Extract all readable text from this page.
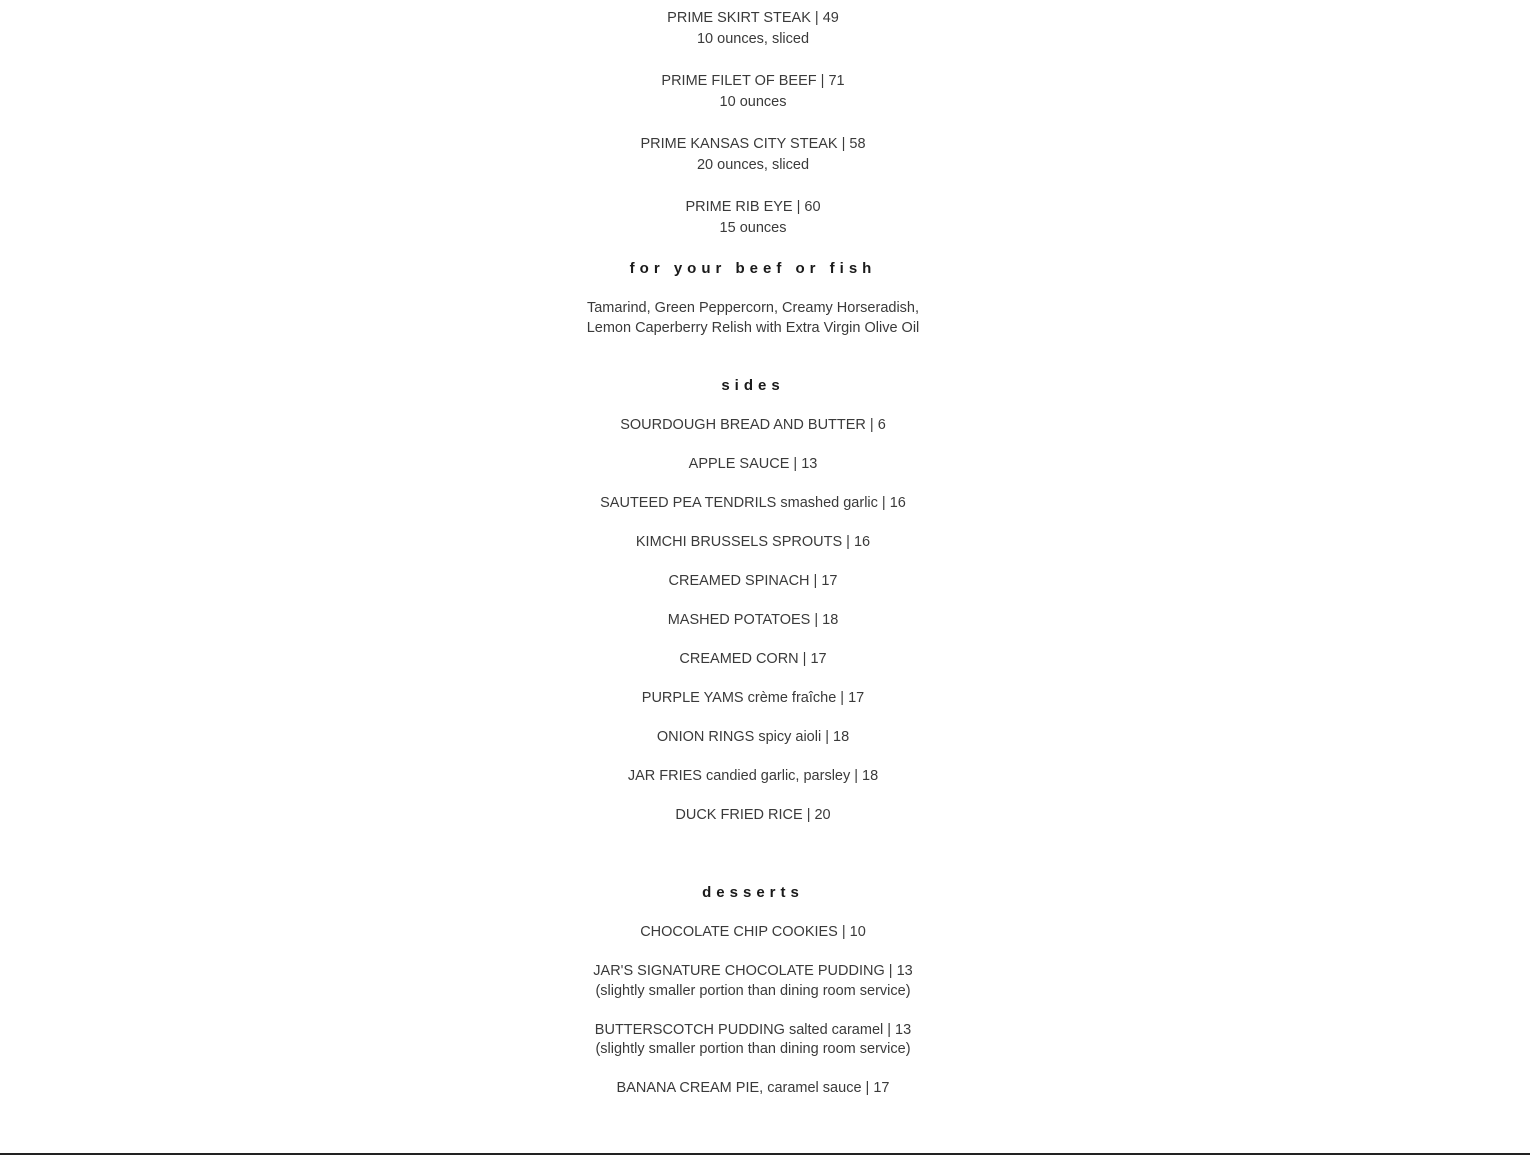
PRIME SKIRT STEAK | 49
10 ounces, sliced
PRIME FILET OF BEEF | 71
10 ounces
PRIME KANSAS CITY STEAK | 58
20 ounces, sliced
PRIME RIB EYE | 60
15 ounces
for your beef or fish
Tamarind, Green Peppercorn, Creamy Horseradish,
Lemon Caperberry Relish with Extra Virgin Olive Oil
sides
SOURDOUGH BREAD AND BUTTER | 6
APPLE SAUCE | 13
SAUTEED PEA TENDRILS smashed garlic | 16
KIMCHI BRUSSELS SPROUTS | 16
CREAMED SPINACH | 17
MASHED POTATOES | 18
CREAMED CORN | 17
PURPLE YAMS crème fraîche | 17
ONION RINGS spicy aioli | 18
JAR FRIES candied garlic, parsley | 18
DUCK FRIED RICE | 20
desserts
CHOCOLATE CHIP COOKIES | 10
JAR'S SIGNATURE CHOCOLATE PUDDING | 13
(slightly smaller portion than dining room service)
BUTTERSCOTCH PUDDING salted caramel | 13
(slightly smaller portion than dining room service)
BANANA CREAM PIE, caramel sauce | 17
